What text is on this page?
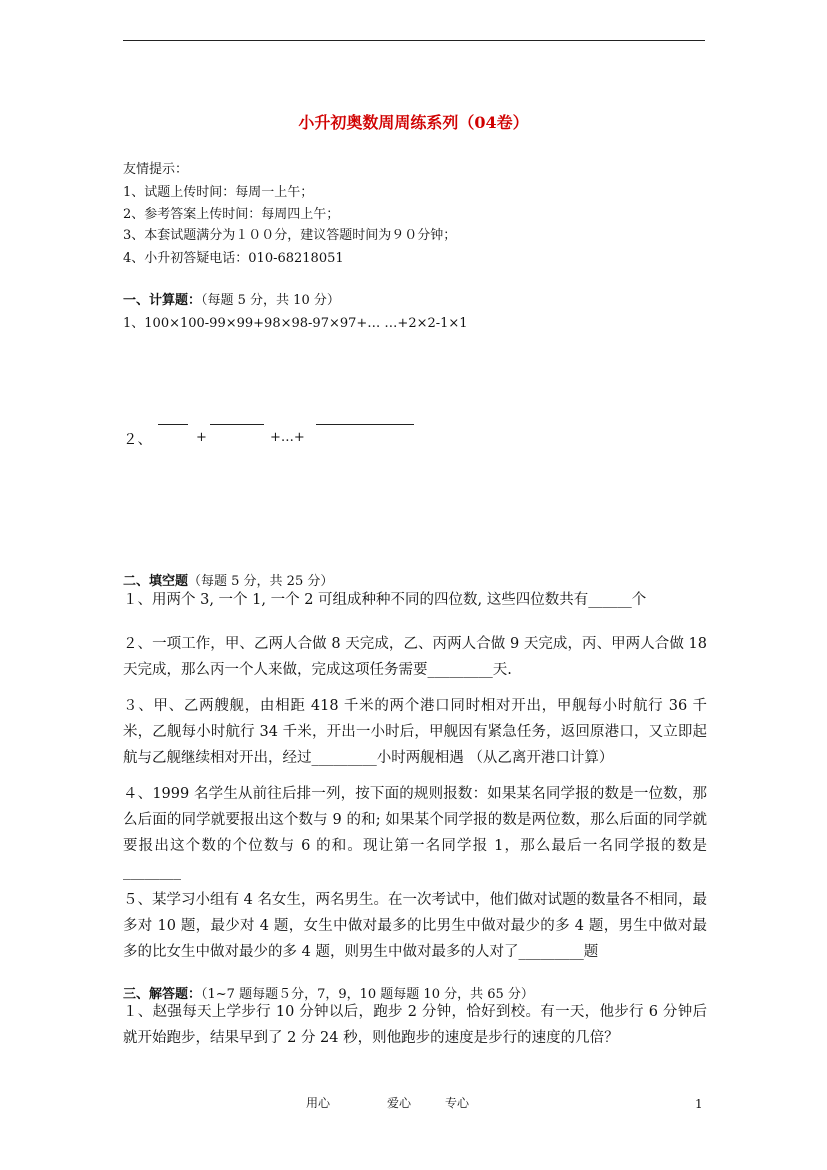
小升初奥数周周练系列（04卷）
友情提示：
1、试题上传时间：每周一上午；
2、参考答案上传时间：每周四上午；
3、本套试题满分为１００分，建议答题时间为９０分钟；
4、小升初答疑电话：010-68218051
一、计算题：（每题 5 分，共 10 分）
1、100×100-99×99+98×98-97×97+… …+2×2-1×1
２、	+	+…+
二、填空题（每题 5 分，共 25 分）
１、用两个 3, 一个 1, 一个 2 可组成种种不同的四位数, 这些四位数共有______个
２、一项工作，甲、乙两人合做 8 天完成，乙、丙两人合做 9 天完成，丙、甲两人合做 18 天完成，那么丙一个人来做，完成这项任务需要_________天.
３、甲、乙两艘舰，由相距 418 千米的两个港口同时相对开出，甲舰每小时航行 36 千米，乙舰每小时航行 34 千米，开出一小时后，甲舰因有紧急任务，返回原港口，又立即起航与乙舰继续相对开出，经过_________小时两舰相遇 （从乙离开港口计算）
４、1999 名学生从前往后排一列，按下面的规则报数：如果某名同学报的数是一位数，那么后面的同学就要报出这个数与 9 的和; 如果某个同学报的数是两位数，那么后面的同学就要报出这个数的个位数与 6 的和。现让第一名同学报 1，那么最后一名同学报的数是________
５、某学习小组有 4 名女生，两名男生。在一次考试中，他们做对试题的数量各不相同，最多对 10 题，最少对 4 题，女生中做对最多的比男生中做对最少的多 4 题，男生中做对最多的比女生中做对最少的多 4 题，则男生中做对最多的人对了_________题
三、解答题：（1~7 题每题５分，7，9，10 题每题 10 分，共 65 分）
１、赵强每天上学步行 10 分钟以后，跑步 2 分钟，恰好到校。有一天，他步行 6 分钟后就开始跑步，结果早到了 2 分 24 秒，则他跑步的速度是步行的速度的几倍？
用心	爱心	专心	1
